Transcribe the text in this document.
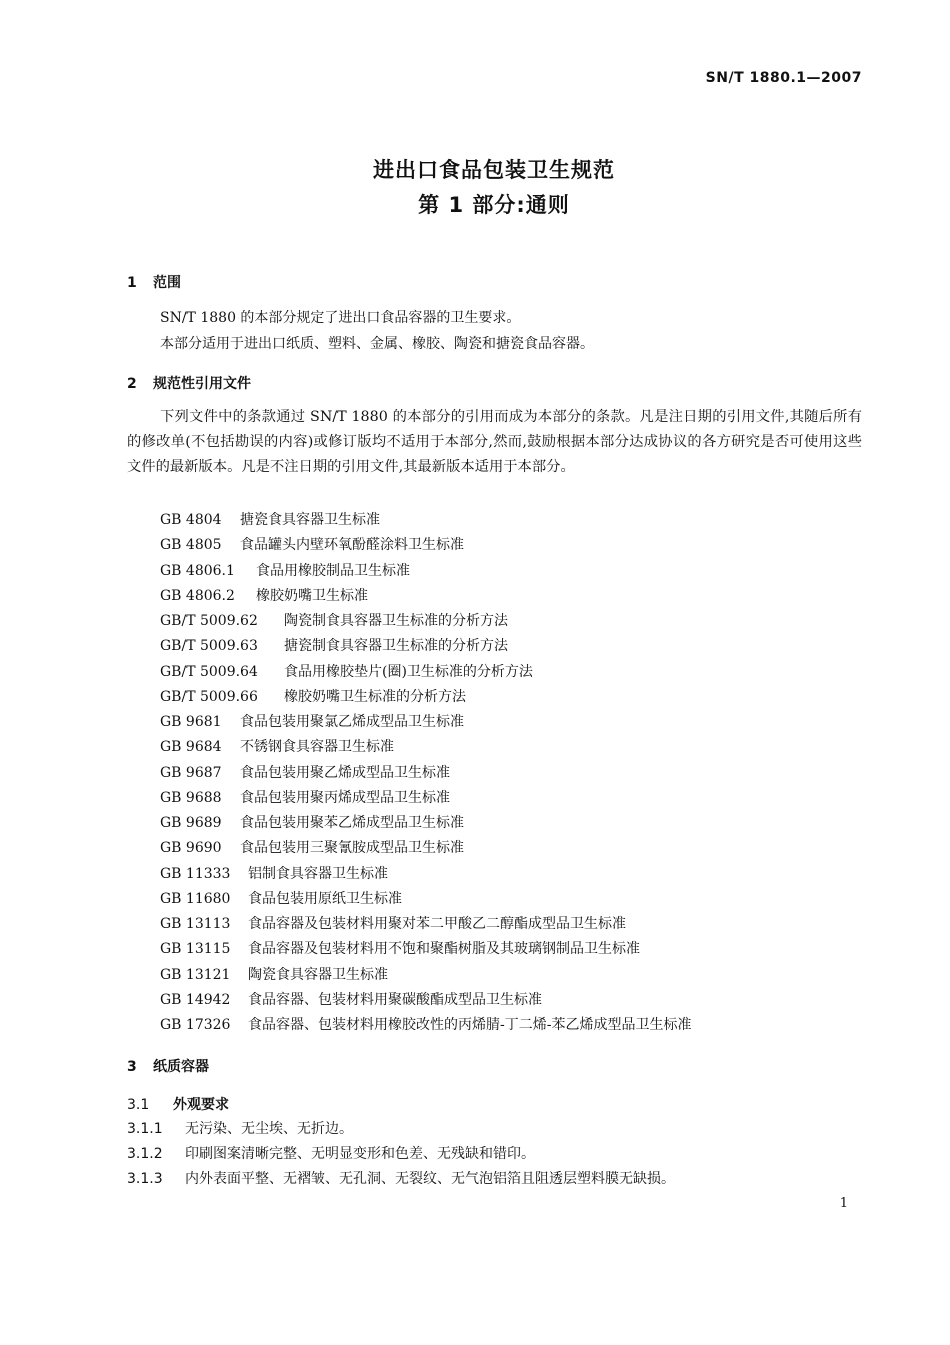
SN/T 1880.1—2007
进出口食品包装卫生规范
第 1 部分:通则
1 范围
SN/T 1880 的本部分规定了进出口食品容器的卫生要求。
本部分适用于进出口纸质、塑料、金属、橡胶、陶瓷和搪瓷食品容器。
2 规范性引用文件
下列文件中的条款通过 SN/T 1880 的本部分的引用而成为本部分的条款。凡是注日期的引用文件,其随后所有的修改单(不包括勘误的内容)或修订版均不适用于本部分,然而,鼓励根据本部分达成协议的各方研究是否可使用这些文件的最新版本。凡是不注日期的引用文件,其最新版本适用于本部分。
GB 4804 搪瓷食具容器卫生标准
GB 4805 食品罐头内壁环氧酚醛涂料卫生标准
GB 4806.1 食品用橡胶制品卫生标准
GB 4806.2 橡胶奶嘴卫生标准
GB/T 5009.62 陶瓷制食具容器卫生标准的分析方法
GB/T 5009.63 搪瓷制食具容器卫生标准的分析方法
GB/T 5009.64 食品用橡胶垫片(圈)卫生标准的分析方法
GB/T 5009.66 橡胶奶嘴卫生标准的分析方法
GB 9681 食品包装用聚氯乙烯成型品卫生标准
GB 9684 不锈钢食具容器卫生标准
GB 9687 食品包装用聚乙烯成型品卫生标准
GB 9688 食品包装用聚丙烯成型品卫生标准
GB 9689 食品包装用聚苯乙烯成型品卫生标准
GB 9690 食品包装用三聚氰胺成型品卫生标准
GB 11333 铝制食具容器卫生标准
GB 11680 食品包装用原纸卫生标准
GB 13113 食品容器及包装材料用聚对苯二甲酸乙二醇酯成型品卫生标准
GB 13115 食品容器及包装材料用不饱和聚酯树脂及其玻璃钢制品卫生标准
GB 13121 陶瓷食具容器卫生标准
GB 14942 食品容器、包装材料用聚碳酸酯成型品卫生标准
GB 17326 食品容器、包装材料用橡胶改性的丙烯腈-丁二烯-苯乙烯成型品卫生标准
3 纸质容器
3.1 外观要求
3.1.1 无污染、无尘埃、无折边。
3.1.2 印刷图案清晰完整、无明显变形和色差、无残缺和错印。
3.1.3 内外表面平整、无褶皱、无孔洞、无裂纹、无气泡铝箔且阻透层塑料膜无缺损。
1
